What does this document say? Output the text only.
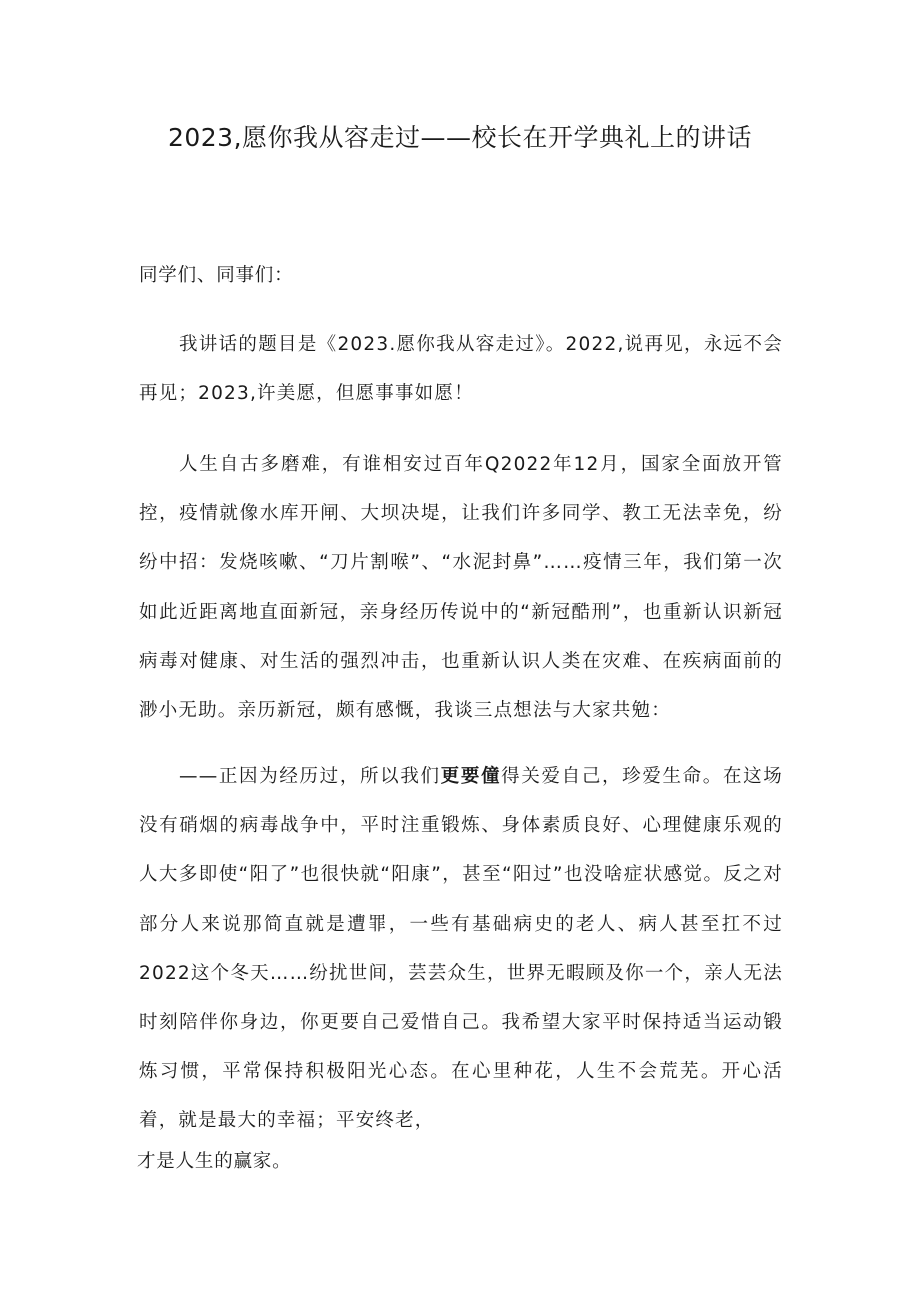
2023,愿你我从容走过——校长在开学典礼上的讲话

同学们、同事们：

我讲话的题目是《2023.愿你我从容走过》。2022,说再见，永远不会再见；2023,许美愿，但愿事事如愿！

人生自古多磨难，有谁相安过百年Q2022年12月，国家全面放开管控，疫情就像水库开闸、大坝决堤，让我们许多同学、教工无法幸免，纷纷中招：发烧咳嗽、“刀片割喉”、“水泥封鼻”……疫情三年，我们第一次如此近距离地直面新冠，亲身经历传说中的“新冠酷刑”，也重新认识新冠病毒对健康、对生活的强烈冲击，也重新认识人类在灾难、在疾病面前的渺小无助。亲历新冠，颇有感慨，我谈三点想法与大家共勉：

——正因为经历过，所以我们更要僮得关爱自己，珍爱生命。在这场没有硝烟的病毒战争中，平时注重锻炼、身体素质良好、心理健康乐观的人大多即使“阳了”也很快就“阳康”，甚至“阳过”也没啥症状感觉。反之对部分人来说那简直就是遭罪，一些有基础病史的老人、病人甚至扛不过2022这个冬天……纷扰世间，芸芸众生，世界无暇顾及你一个，亲人无法时刻陪伴你身边，你更要自己爱惜自己。我希望大家平时保持适当运动锻炼习惯，平常保持积极阳光心态。在心里种花，人生不会荒芜。开心活着，就是最大的幸福；平安终老，

才是人生的赢家。
